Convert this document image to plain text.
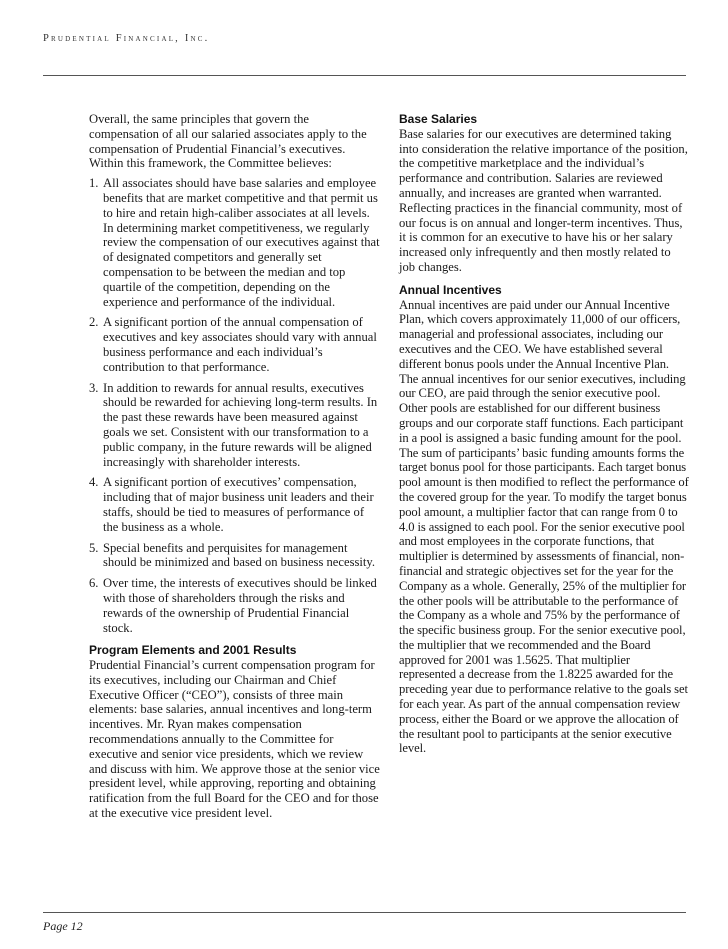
Prudential Financial, Inc.

Overall, the same principles that govern the compensation of all our salaried associates apply to the compensation of Prudential Financial’s executives. Within this framework, the Committee believes:

1. All associates should have base salaries and employee benefits that are market competitive and that permit us to hire and retain high-caliber associates at all levels. In determining market competitiveness, we regularly review the compensation of our executives against that of designated competitors and generally set compensation to be between the median and top quartile of the competition, depending on the experience and performance of the individual.
2. A significant portion of the annual compensation of executives and key associates should vary with annual business performance and each individual’s contribution to that performance.
3. In addition to rewards for annual results, executives should be rewarded for achieving long-term results. In the past these rewards have been measured against goals we set. Consistent with our transformation to a public company, in the future rewards will be aligned increasingly with shareholder interests.
4. A significant portion of executives’ compensation, including that of major business unit leaders and their staffs, should be tied to measures of performance of the business as a whole.
5. Special benefits and perquisites for management should be minimized and based on business necessity.
6. Over time, the interests of executives should be linked with those of shareholders through the risks and rewards of the ownership of Prudential Financial stock.
Program Elements and 2001 Results

Prudential Financial’s current compensation program for its executives, including our Chairman and Chief Executive Officer (“CEO”), consists of three main elements: base salaries, annual incentives and long-term incentives. Mr. Ryan makes compensation recommendations annually to the Committee for executive and senior vice presidents, which we review and discuss with him. We approve those at the senior vice president level, while approving, reporting and obtaining ratification from the full Board for the CEO and for those at the executive vice president level.

Base Salaries

Base salaries for our executives are determined taking into consideration the relative importance of the position, the competitive marketplace and the individual’s performance and contribution. Salaries are reviewed annually, and increases are granted when warranted. Reflecting practices in the financial community, most of our focus is on annual and longer-term incentives. Thus, it is common for an executive to have his or her salary increased only infrequently and then mostly related to job changes.

Annual Incentives

Annual incentives are paid under our Annual Incentive Plan, which covers approximately 11,000 of our officers, managerial and professional associates, including our executives and the CEO. We have established several different bonus pools under the Annual Incentive Plan. The annual incentives for our senior executives, including our CEO, are paid through the senior executive pool. Other pools are established for our different business groups and our corporate staff functions. Each participant in a pool is assigned a basic funding amount for the pool. The sum of participants’ basic funding amounts forms the target bonus pool for those participants. Each target bonus pool amount is then modified to reflect the performance of the covered group for the year. To modify the target bonus pool amount, a multiplier factor that can range from 0 to 4.0 is assigned to each pool. For the senior executive pool and most employees in the corporate functions, that multiplier is determined by assessments of financial, non-financial and strategic objectives set for the year for the Company as a whole. Generally, 25% of the multiplier for the other pools will be attributable to the performance of the Company as a whole and 75% by the performance of the specific business group. For the senior executive pool, the multiplier that we recommended and the Board approved for 2001 was 1.5625. That multiplier represented a decrease from the 1.8225 awarded for the preceding year due to performance relative to the goals set for each year. As part of the annual compensation review process, either the Board or we approve the allocation of the resultant pool to participants at the senior executive level.

Page 12
